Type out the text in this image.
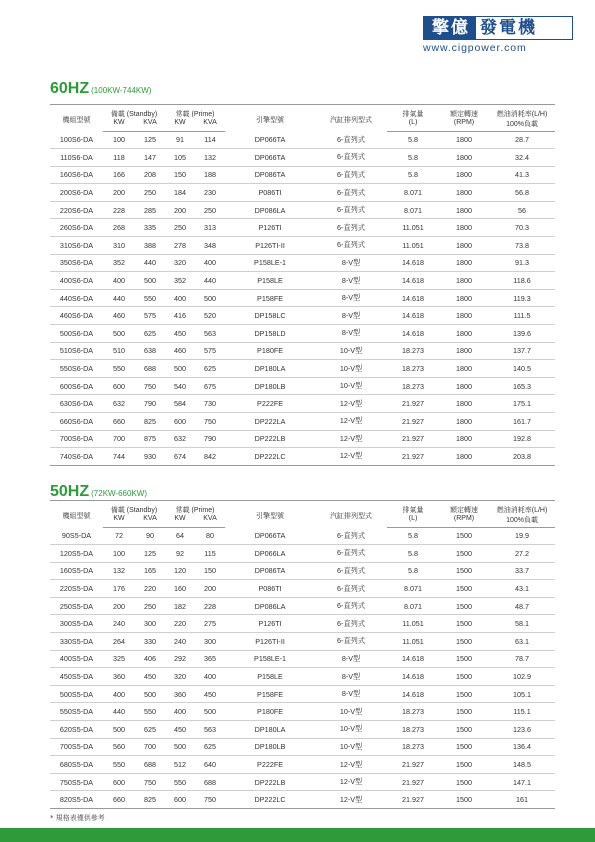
擎億 發電機
www.cigpower.com
60HZ (100KW-744KW)
機組型號	備載 (Standby)		常載 (Prime)		引擎型號	汽缸排列型式	排氣量	額定轉速	燃油消耗率(L/H)
	KW	KVA	KW	KVA			(L)	(RPM)	100%負載
100S6-DA	100	125	91	114	DP066TA	6-直列式	5.8	1800	28.7
110S6-DA	118	147	105	132	DP066TA	6-直列式	5.8	1800	32.4
160S6-DA	166	208	150	188	DP086TA	6-直列式	5.8	1800	41.3
200S6-DA	200	250	184	230	P086TI	6-直列式	8.071	1800	56.8
220S6-DA	228	285	200	250	DP086LA	6-直列式	8.071	1800	56
260S6-DA	268	335	250	313	P126TI	6-直列式	11.051	1800	70.3
310S6-DA	310	388	278	348	P126TI-II	6-直列式	11.051	1800	73.8
350S6-DA	352	440	320	400	P158LE-1	8-V型	14.618	1800	91.3
400S6-DA	400	500	352	440	P158LE	8-V型	14.618	1800	118.6
440S6-DA	440	550	400	500	P158FE	8-V型	14.618	1800	119.3
460S6-DA	460	575	416	520	DP158LC	8-V型	14.618	1800	111.5
500S6-DA	500	625	450	563	DP158LD	8-V型	14.618	1800	139.6
510S6-DA	510	638	460	575	P180FE	10-V型	18.273	1800	137.7
550S6-DA	550	688	500	625	DP180LA	10-V型	18.273	1800	140.5
600S6-DA	600	750	540	675	DP180LB	10-V型	18.273	1800	165.3
630S6-DA	632	790	584	730	P222FE	12-V型	21.927	1800	175.1
660S6-DA	660	825	600	750	DP222LA	12-V型	21.927	1800	161.7
700S6-DA	700	875	632	790	DP222LB	12-V型	21.927	1800	192.8
740S6-DA	744	930	674	842	DP222LC	12-V型	21.927	1800	203.8
50HZ (72KW-660KW)
機組型號	備載 (Standby)		常載 (Prime)		引擎型號	汽缸排列型式	排氣量	額定轉速	燃油消耗率(L/H)
	KW	KVA	KW	KVA			(L)	(RPM)	100%負載
90S5-DA	72	90	64	80	DP066TA	6-直列式	5.8	1500	19.9
120S5-DA	100	125	92	115	DP066LA	6-直列式	5.8	1500	27.2
160S5-DA	132	165	120	150	DP086TA	6-直列式	5.8	1500	33.7
220S5-DA	176	220	160	200	P086TI	6-直列式	8.071	1500	43.1
250S5-DA	200	250	182	228	DP086LA	6-直列式	8.071	1500	48.7
300S5-DA	240	300	220	275	P126TI	6-直列式	11.051	1500	58.1
330S5-DA	264	330	240	300	P126TI-II	6-直列式	11.051	1500	63.1
400S5-DA	325	406	292	365	P158LE-1	8-V型	14.618	1500	78.7
450S5-DA	360	450	320	400	P158LE	8-V型	14.618	1500	102.9
500S5-DA	400	500	360	450	P158FE	8-V型	14.618	1500	105.1
550S5-DA	440	550	400	500	P180FE	10-V型	18.273	1500	115.1
620S5-DA	500	625	450	563	DP180LA	10-V型	18.273	1500	123.6
700S5-DA	560	700	500	625	DP180LB	10-V型	18.273	1500	136.4
680S5-DA	550	688	512	640	P222FE	12-V型	21.927	1500	148.5
750S5-DA	600	750	550	688	DP222LB	12-V型	21.927	1500	147.1
820S5-DA	660	825	600	750	DP222LC	12-V型	21.927	1500	161
* 規格表僅供參考
